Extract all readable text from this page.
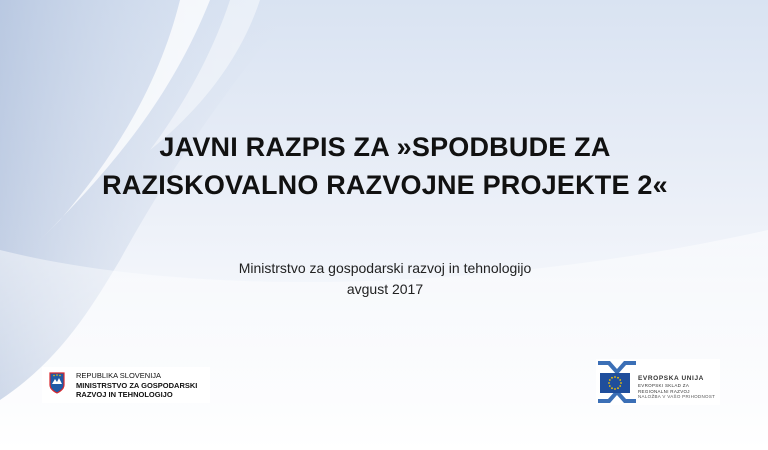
JAVNI RAZPIS ZA »SPODBUDE ZA
RAZISKOVALNO RAZVOJNE PROJEKTE 2«
Ministrstvo za gospodarski razvoj in tehnologijo
avgust 2017
REPUBLIKA SLOVENIJA
MINISTRSTVO ZA GOSPODARSKI
RAZVOJ IN TEHNOLOGIJO
EVROPSKA UNIJA
EVROPSKI SKLAD ZA
REGIONALNI RAZVOJ
NALOŽBA V VAŠO PRIHODNOST
